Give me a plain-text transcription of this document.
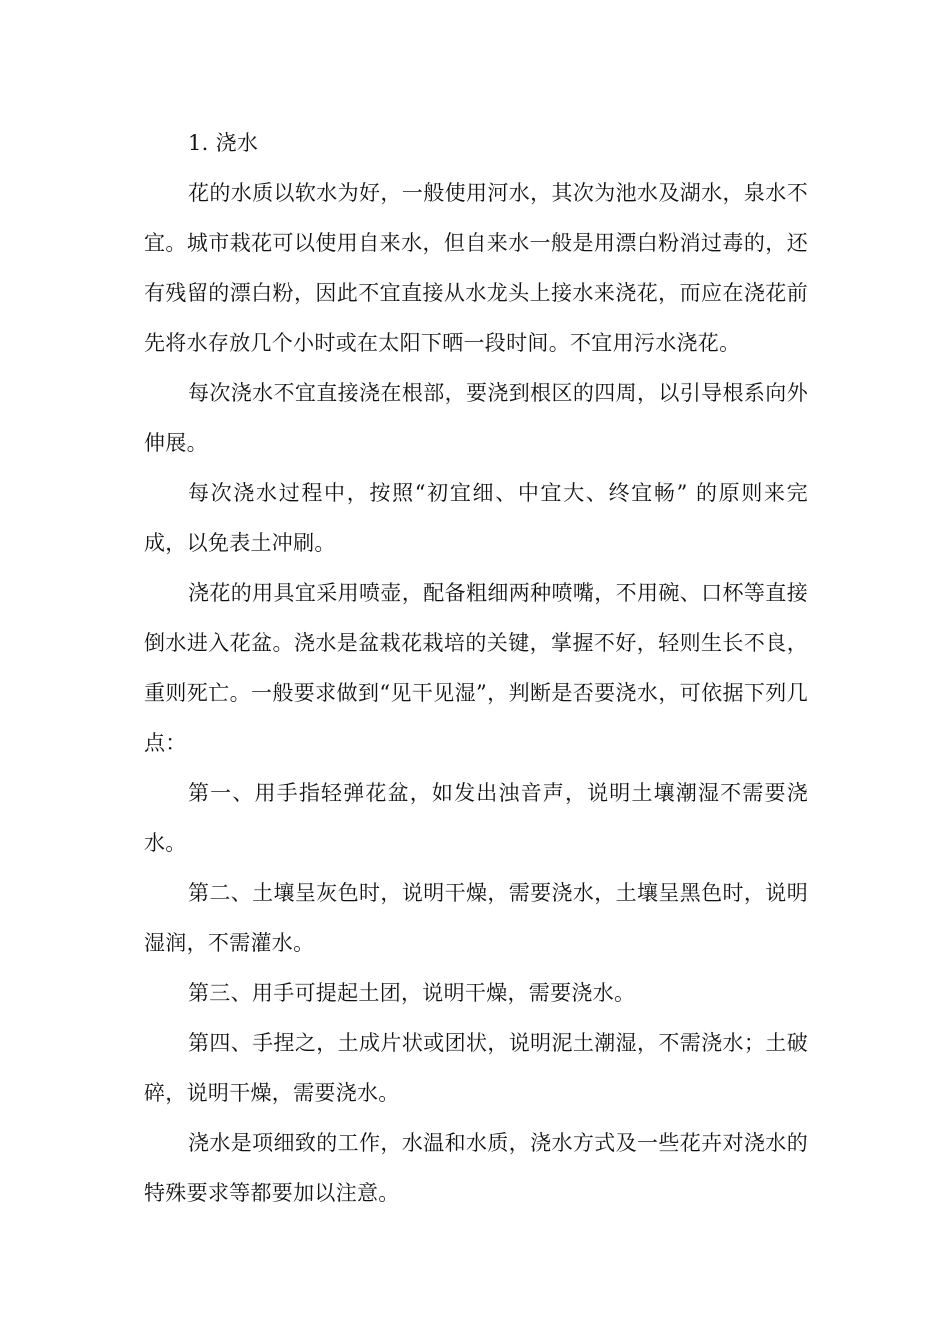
1. 浇水

花的水质以软水为好，一般使用河水，其次为池水及湖水，泉水不宜。城市栽花可以使用自来水，但自来水一般是用漂白粉消过毒的，还有残留的漂白粉，因此不宜直接从水龙头上接水来浇花，而应在浇花前先将水存放几个小时或在太阳下晒一段时间。不宜用污水浇花。

每次浇水不宜直接浇在根部，要浇到根区的四周，以引导根系向外伸展。

每次浇水过程中，按照“初宜细、中宜大、终宜畅” 的原则来完成，以免表土冲刷。

浇花的用具宜采用喷壶，配备粗细两种喷嘴，不用碗、口杯等直接倒水进入花盆。浇水是盆栽花栽培的关键，掌握不好，轻则生长不良，重则死亡。一般要求做到“见干见湿”，判断是否要浇水，可依据下列几点：

第一、用手指轻弹花盆，如发出浊音声，说明土壤潮湿不需要浇水。

第二、土壤呈灰色时，说明干燥，需要浇水，土壤呈黑色时，说明湿润，不需灌水。

第三、用手可提起土团，说明干燥，需要浇水。

第四、手捏之，土成片状或团状，说明泥土潮湿，不需浇水；土破碎，说明干燥，需要浇水。

浇水是项细致的工作，水温和水质，浇水方式及一些花卉对浇水的特殊要求等都要加以注意。
